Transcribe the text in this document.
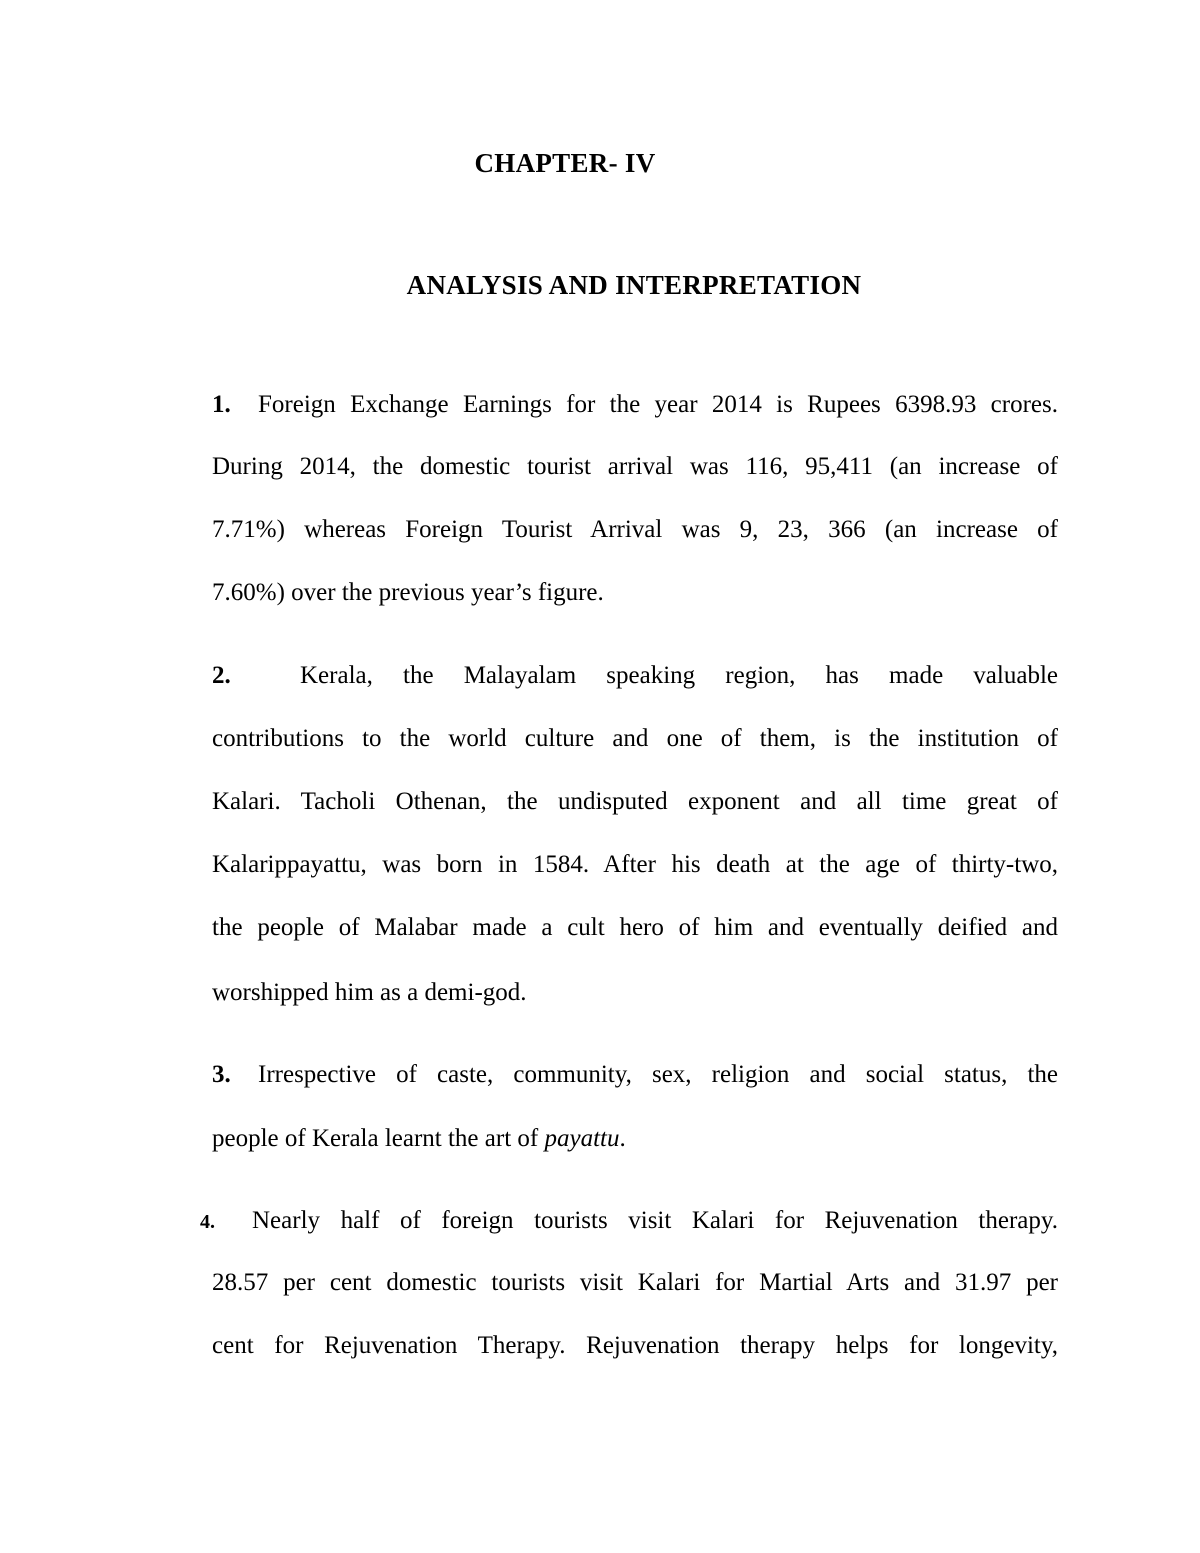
CHAPTER- IV
ANALYSIS AND INTERPRETATION
1. Foreign Exchange Earnings for the year 2014 is Rupees 6398.93 crores.
During 2014, the domestic tourist arrival was 116, 95,411 (an increase of
7.71%) whereas Foreign Tourist Arrival was 9, 23, 366 (an increase of
7.60%) over the previous year’s figure.
2.	Kerala, the Malayalam speaking region, has made valuable
contributions to the world culture and one of them, is the institution of
Kalari. Tacholi Othenan, the undisputed exponent and all time great of
Kalarippayattu, was born in 1584. After his death at the age of thirty-two,
the people of Malabar made a cult hero of him and eventually deified and
worshipped him as a demi-god.
3. Irrespective of caste, community, sex, religion and social status, the
people of Kerala learnt the art of payattu.
4. Nearly half of foreign tourists visit Kalari for Rejuvenation therapy.
28.57 per cent domestic tourists visit Kalari for Martial Arts and 31.97 per
cent for Rejuvenation Therapy. Rejuvenation therapy helps for longevity,
